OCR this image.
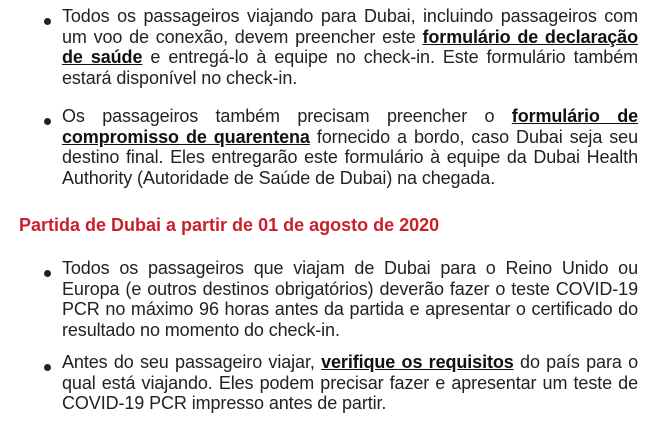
Todos os passageiros viajando para Dubai, incluindo passageiros com um voo de conexão, devem preencher este formulário de declaração de saúde e entregá-lo à equipe no check-in. Este formulário também estará disponível no check-in.
Os passageiros também precisam preencher o formulário de compromisso de quarentena fornecido a bordo, caso Dubai seja seu destino final. Eles entregarão este formulário à equipe da Dubai Health Authority (Autoridade de Saúde de Dubai) na chegada.
Partida de Dubai a partir de 01 de agosto de 2020
Todos os passageiros que viajam de Dubai para o Reino Unido ou Europa (e outros destinos obrigatórios) deverão fazer o teste COVID-19 PCR no máximo 96 horas antes da partida e apresentar o certificado do resultado no momento do check-in.
Antes do seu passageiro viajar, verifique os requisitos do país para o qual está viajando. Eles podem precisar fazer e apresentar um teste de COVID-19 PCR impresso antes de partir.
